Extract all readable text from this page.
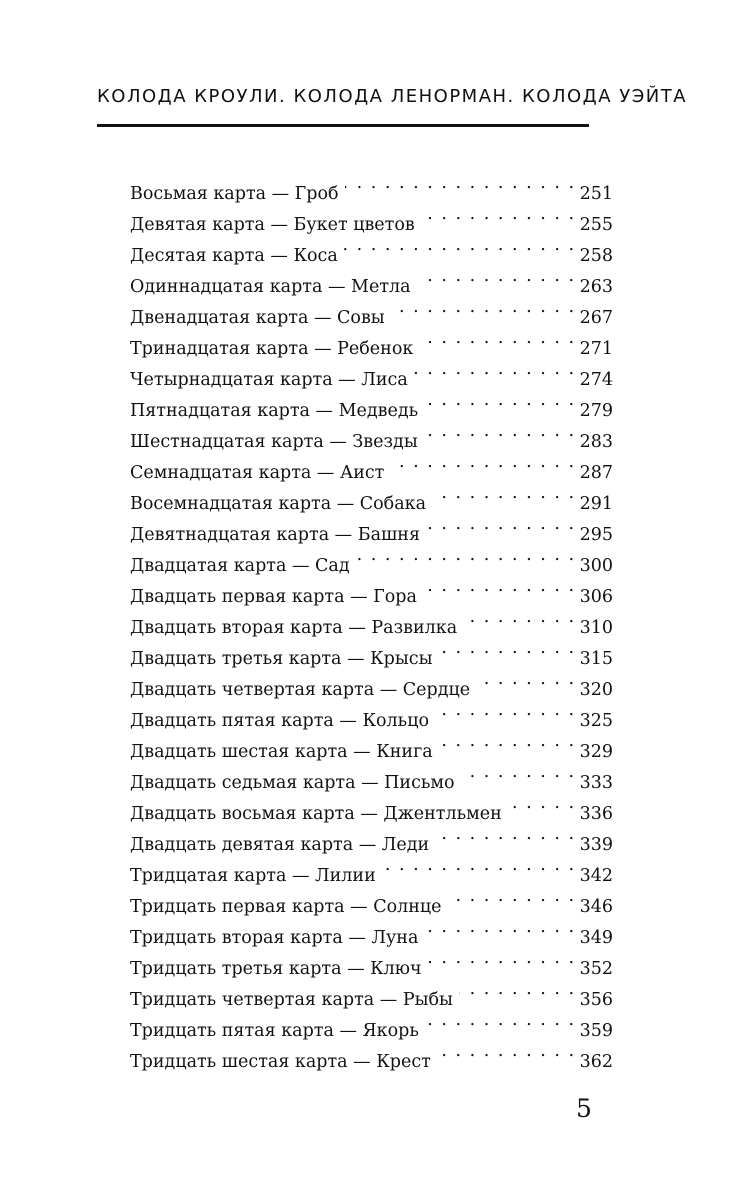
КОЛОДА КРОУЛИ. КОЛОДА ЛЕНОРМАН. КОЛОДА УЭЙТА
Восьмая карта — Гроб . . .	251
Девятая карта — Букет цветов . . .	255
Десятая карта — Коса . . .	258
Одиннадцатая карта — Метла . . .	263
Двенадцатая карта — Совы . . .	267
Тринадцатая карта — Ребенок . . .	271
Четырнадцатая карта — Лиса . . .	274
Пятнадцатая карта — Медведь . . .	279
Шестнадцатая карта — Звезды . . .	283
Семнадцатая карта — Аист . . .	287
Восемнадцатая карта — Собака . . .	291
Девятнадцатая карта — Башня . . .	295
Двадцатая карта — Сад . . .	300
Двадцать первая карта — Гора . . .	306
Двадцать вторая карта — Развилка . . .	310
Двадцать третья карта — Крысы . . .	315
Двадцать четвертая карта — Сердце . . .	320
Двадцать пятая карта — Кольцо . . .	325
Двадцать шестая карта — Книга . . .	329
Двадцать седьмая карта — Письмо . . .	333
Двадцать восьмая карта — Джентльмен . . .	336
Двадцать девятая карта — Леди . . .	339
Тридцатая карта — Лилии . . .	342
Тридцать первая карта — Солнце . . .	346
Тридцать вторая карта — Луна . . .	349
Тридцать третья карта — Ключ . . .	352
Тридцать четвертая карта — Рыбы . . .	356
Тридцать пятая карта — Якорь . . .	359
Тридцать шестая карта — Крест . . .	362
5
